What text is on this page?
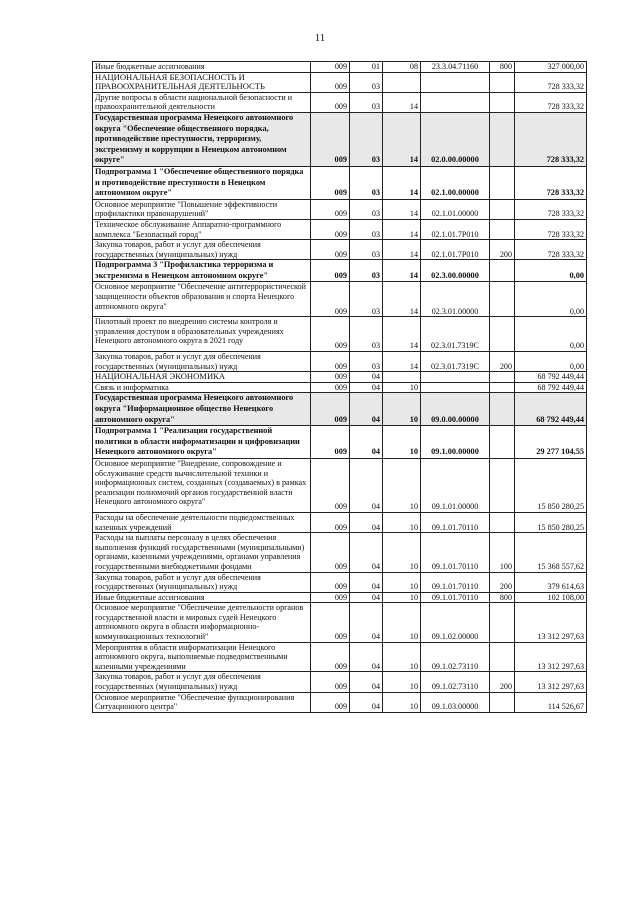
11
Иные бюджетные ассигнования	009	01	08	23.3.04.71160	800	327 000,00
НАЦИОНАЛЬНАЯ БЕЗОПАСНОСТЬ И ПРАВООХРАНИТЕЛЬНАЯ ДЕЯТЕЛЬНОСТЬ	009	03				728 333,32
Другие вопросы в области национальной безопасности и правоохранительной деятельности	009	03	14			728 333,32
Государственная программа Ненецкого автономного округа "Обеспечение общественного порядка, противодействие преступности, терроризму, экстремизму и коррупции в Ненецком автономном округе"	009	03	14	02.0.00.00000		728 333,32
Подпрограмма 1 "Обеспечение общественного порядка и противодействие преступности в Ненецком автономном округе"	009	03	14	02.1.00.00000		728 333,32
Основное мероприятие "Повышение эффективности профилактики правонарушений"	009	03	14	02.1.01.00000		728 333,32
Техническое обслуживание Аппаратно-программного комплекса "Безопасный город"	009	03	14	02.1.01.7Р010		728 333,32
Закупка товаров, работ и услуг для обеспечения государственных (муниципальных) нужд	009	03	14	02.1.01.7Р010	200	728 333,32
Подпрограмма 3 "Профилактика терроризма и экстремизма в Ненецком автономном округе"	009	03	14	02.3.00.00000		0,00
Основное мероприятие "Обеспечение антитеррористической защищенности объектов образования и спорта Ненецкого автономного округа"	009	03	14	02.3.01.00000		0,00
Пилотный проект по внедрению системы контроля и управления доступом в образовательных учреждениях Ненецкого автономного округа в 2021 году	009	03	14	02.3.01.7319С		0,00
Закупка товаров, работ и услуг для обеспечения государственных (муниципальных) нужд	009	03	14	02.3.01.7319С	200	0,00
НАЦИОНАЛЬНАЯ ЭКОНОМИКА	009	04				68 792 449,44
Связь и информатика	009	04	10			68 792 449,44
Государственная программа Ненецкого автономного округа "Информационное общество Ненецкого автономного округа"	009	04	10	09.0.00.00000		68 792 449,44
Подпрограмма 1 "Реализация государственной политики в области информатизации и цифровизации Ненецкого автономного округа"	009	04	10	09.1.00.00000		29 277 104,55
Основное мероприятие "Внедрение, сопровождение и обслуживание средств вычислительной техники и информационных систем, созданных (создаваемых) в рамках реализации полномочий органов государственной власти Ненецкого автономного округа"	009	04	10	09.1.01.00000		15 850 280,25
Расходы на обеспечение деятельности подведомственных казенных учреждений	009	04	10	09.1.01.70110		15 850 280,25
Расходы на выплаты персоналу в целях обеспечения выполнения функций государственными (муниципальными) органами, казенными учреждениями, органами управления государственными внебюджетными фондами	009	04	10	09.1.01.70110	100	15 368 557,62
Закупка товаров, работ и услуг для обеспечения государственных (муниципальных) нужд	009	04	10	09.1.01.70110	200	379 614,63
Иные бюджетные ассигнования	009	04	10	09.1.01.70110	800	102 108,00
Основное мероприятие "Обеспечение деятельности органов государственной власти и мировых судей Ненецкого автономного округа в области информационно-коммуникационных технологий"	009	04	10	09.1.02.00000		13 312 297,63
Мероприятия в области информатизации Ненецкого автономного округа, выполняемые подведомственными казенными учреждениями	009	04	10	09.1.02.73110		13 312 297,63
Закупка товаров, работ и услуг для обеспечения государственных (муниципальных) нужд	009	04	10	09.1.02.73110	200	13 312 297,63
Основное мероприятие "Обеспечение функционирования Ситуационного центра"	009	04	10	09.1.03.00000		114 526,67
